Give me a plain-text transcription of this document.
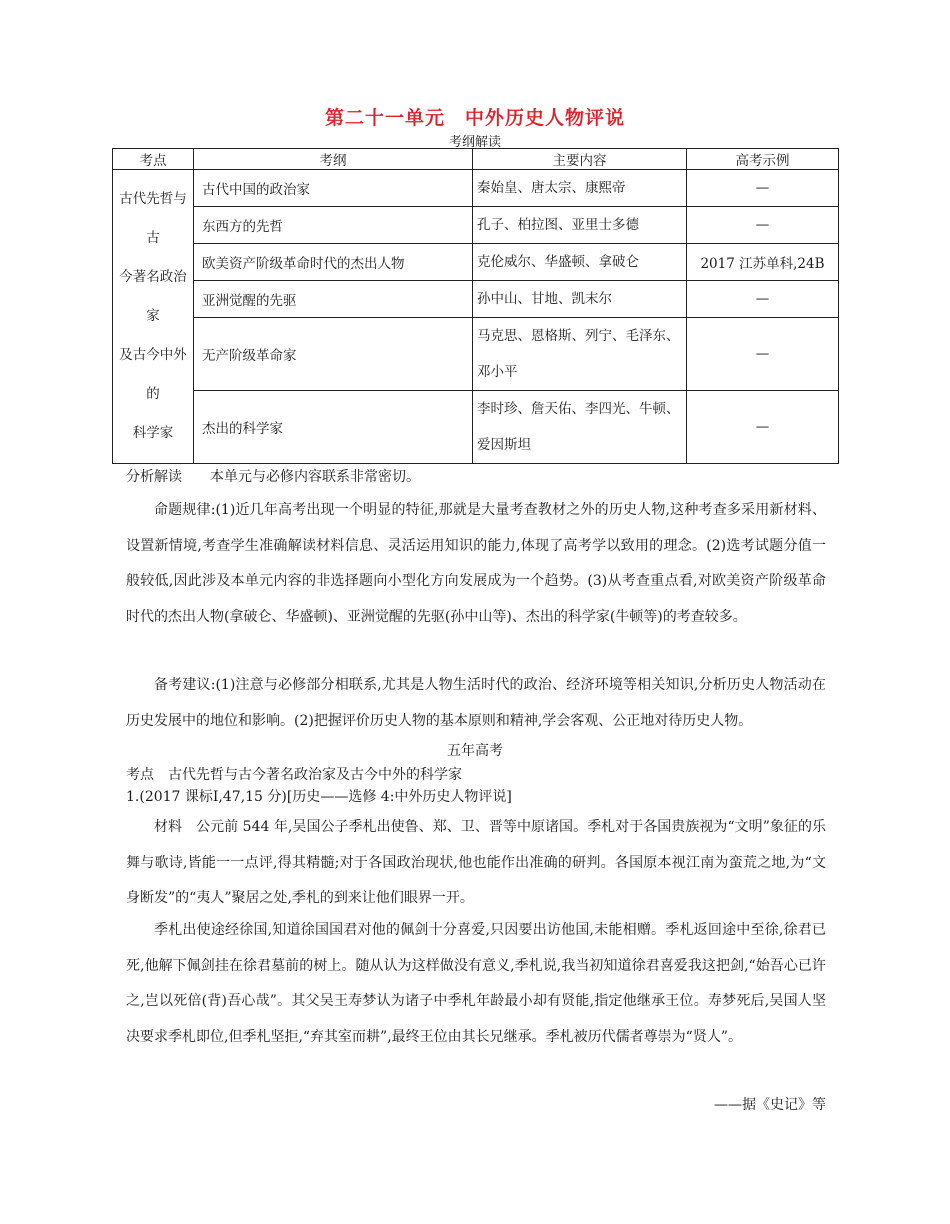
第二十一单元　中外历史人物评说
考纲解读
考点	考纲	主要内容	高考示例

古代先哲与古
今著名政治家
及古今中外的
科学家	古代中国的政治家	秦始皇、唐太宗、康熙帝	—
	东西方的先哲	孔子、柏拉图、亚里士多德	—
	欧美资产阶级革命时代的杰出人物	克伦威尔、华盛顿、拿破仑	2017 江苏单科,24B
	亚洲觉醒的先驱	孙中山、甘地、凯末尔	—
	无产阶级革命家	马克思、恩格斯、列宁、毛泽东、邓小平	—
	杰出的科学家	李时珍、詹天佑、李四光、牛顿、爱因斯坦	—
分析解读 本单元与必修内容联系非常密切。
命题规律:(1)近几年高考出现一个明显的特征,那就是大量考查教材之外的历史人物,这种考查多采用新材料、设置新情境,考查学生准确解读材料信息、灵活运用知识的能力,体现了高考学以致用的理念。(2)选考试题分值一般较低,因此涉及本单元内容的非选择题向小型化方向发展成为一个趋势。(3)从考查重点看,对欧美资产阶级革命时代的杰出人物(拿破仑、华盛顿)、亚洲觉醒的先驱(孙中山等)、杰出的科学家(牛顿等)的考查较多。
备考建议:(1)注意与必修部分相联系,尤其是人物生活时代的政治、经济环境等相关知识,分析历史人物活动在历史发展中的地位和影响。(2)把握评价历史人物的基本原则和精神,学会客观、公正地对待历史人物。
五年高考
考点　古代先哲与古今著名政治家及古今中外的科学家
1.(2017 课标Ⅰ,47,15 分)[历史——选修 4:中外历史人物评说]
材料　公元前 544 年,吴国公子季札出使鲁、郑、卫、晋等中原诸国。季札对于各国贵族视为“文明”象征的乐舞与歌诗,皆能一一点评,得其精髓;对于各国政治现状,他也能作出准确的研判。各国原本视江南为蛮荒之地,为“文身断发”的“夷人”聚居之处,季札的到来让他们眼界一开。
季札出使途经徐国,知道徐国国君对他的佩剑十分喜爱,只因要出访他国,未能相赠。季札返回途中至徐,徐君已死,他解下佩剑挂在徐君墓前的树上。随从认为这样做没有意义,季札说,我当初知道徐君喜爱我这把剑,“始吾心已许之,岂以死倍(背)吾心哉”。其父吴王寿梦认为诸子中季札年龄最小却有贤能,指定他继承王位。寿梦死后,吴国人坚决要求季札即位,但季札坚拒,“弃其室而耕”,最终王位由其长兄继承。季札被历代儒者尊崇为“贤人”。
——据《史记》等
